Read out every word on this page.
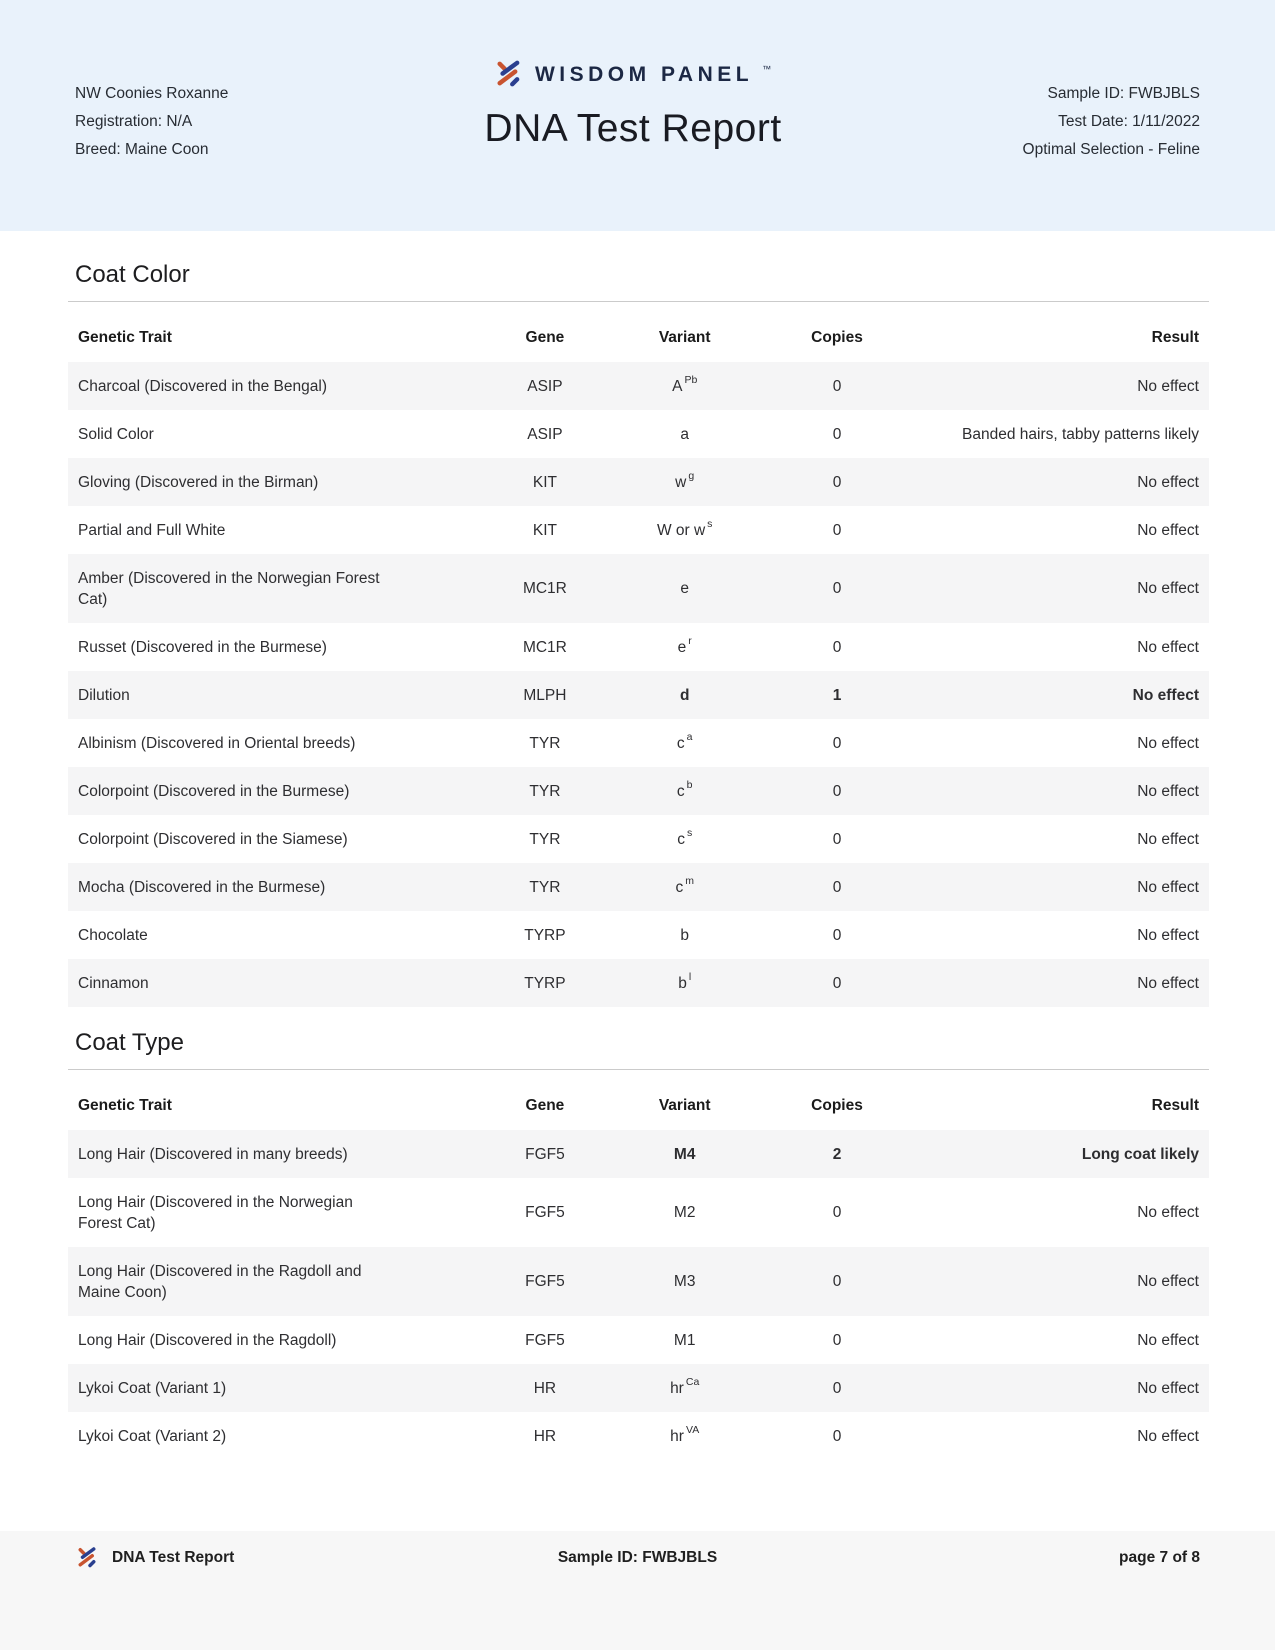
NW Coonies Roxanne
Registration: N/A
Breed: Maine Coon
WISDOM PANEL ™
DNA Test Report
Sample ID: FWBJBLS
Test Date: 1/11/2022
Optimal Selection - Feline
Coat Color
Genetic Trait	Gene	Variant	Copies	Result
Charcoal (Discovered in the Bengal)	ASIP	A $^{Pb}$	0	No effect
Solid Color	ASIP	a	0	Banded hairs, tabby patterns likely
Gloving (Discovered in the Birman)	KIT	w $^g$	0	No effect
Partial and Full White	KIT	W or w $^s$	0	No effect
Amber (Discovered in the Norwegian Forest Cat)	MC1R	e	0	No effect
Russet (Discovered in the Burmese)	MC1R	e $^r$	0	No effect
Dilution	MLPH	d	1	No effect
Albinism (Discovered in Oriental breeds)	TYR	c $^a$	0	No effect
Colorpoint (Discovered in the Burmese)	TYR	c $^b$	0	No effect
Colorpoint (Discovered in the Siamese)	TYR	c $^s$	0	No effect
Mocha (Discovered in the Burmese)	TYR	c $^m$	0	No effect
Chocolate	TYRP	b	0	No effect
Cinnamon	TYRP	b $^l$	0	No effect
Coat Type
Genetic Trait	Gene	Variant	Copies	Result
Long Hair (Discovered in many breeds)	FGF5	M4	2	Long coat likely
Long Hair (Discovered in the Norwegian Forest Cat)	FGF5	M2	0	No effect
Long Hair (Discovered in the Ragdoll and Maine Coon)	FGF5	M3	0	No effect
Long Hair (Discovered in the Ragdoll)	FGF5	M1	0	No effect
Lykoi Coat (Variant 1)	HR	hr $^{Ca}$	0	No effect
Lykoi Coat (Variant 2)	HR	hr $^{VA}$	0	No effect
DNA Test Report	Sample ID: FWBJBLS	page 7 of 8
